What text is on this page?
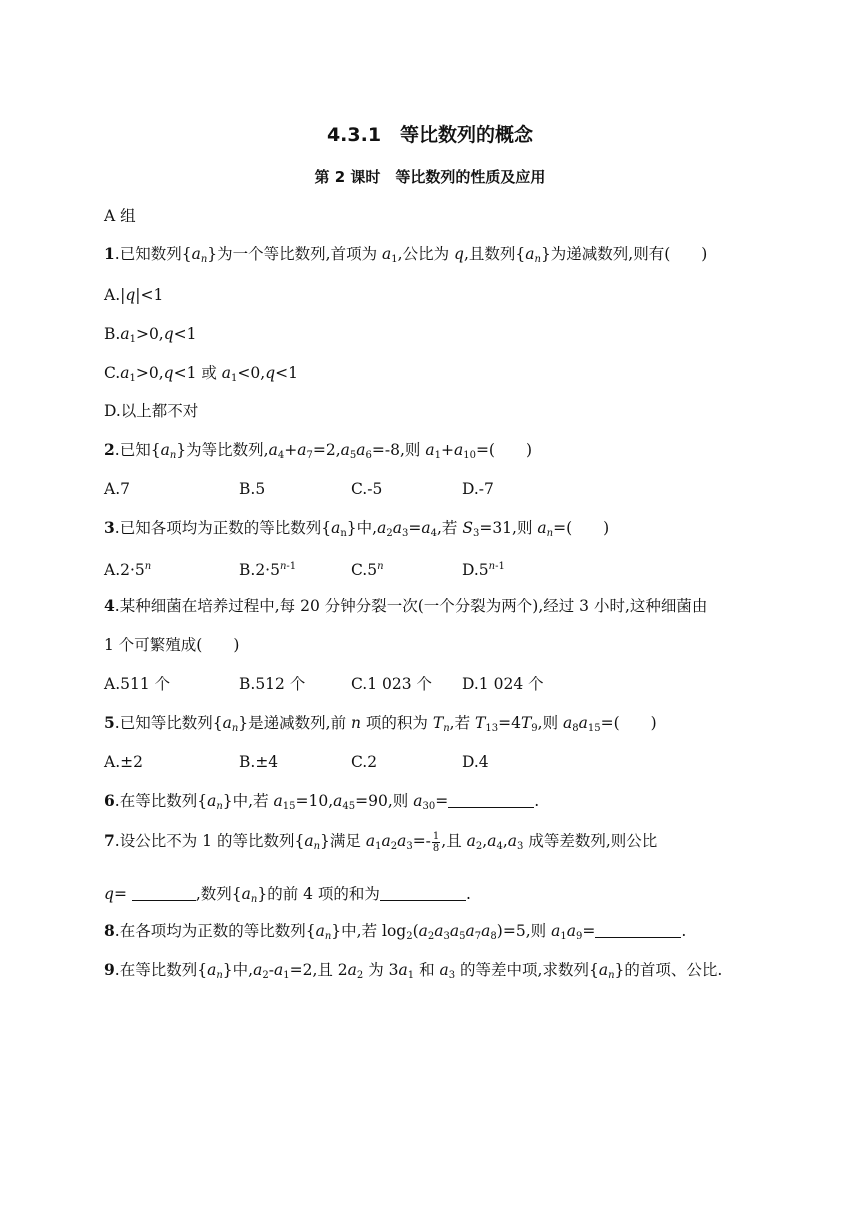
4.3.1　等比数列的概念
第 2 课时　等比数列的性质及应用
A 组
1.已知数列$\{a_n\}$为一个等比数列,首项为 $a_1$,公比为 q,且数列$\{a_n\}$为递减数列,则有(　　)
A.|q|<1
$B.a_1>0,q<1$
$C.a_1>0,q<1$ 或 $a_1<0,q<1$
D.以上都不对
2.已知$\{a_n\}$为等比数列$,a_4+a_7=2,a_5a_6=-8$,则 $a_1+a_{10}=$(　　)
A.7	B.5	C.-5	D.-7
3.已知各项均为正数的等比数列$\{a_n\}$中$,a_2a_3=a_4$,若 $S_3=31$,则 $a_n=$(　　)
$A.2\cdot 5^n$	$B.2\cdot 5^{n-1}$	C.5$^n$	D.5$^{n-1}$
4.某种细菌在培养过程中,每 20 分钟分裂一次(一个分裂为两个),经过 3 小时,这种细菌由
1 个可繁殖成(　　)
A.511 个	B.512 个	C.1 023 个 D.1 024 个
5.已知等比数列$\{a_n\}$是递减数列,前 n 项的积为 $T_n$,若 $T_{13}=4T_9$,则 $a_8a_{15}=$(　　)
A.±2	B.±4	C.2	D.4
6.在等比数列$\{a_n\}$中,若 $a_{15}=10,a_{45}=90$,则 $a_{30}=$	.
7.设公比不为 1 的等比数列$\{a_n\}$满足 $a_1a_2a_3=- \frac{1}{8}$ ,且 $a_2,a_4,a_3$ 成等差数列,则公比
q=	,数列$\{a_n\}$的前 4 项的和为	.
8.在各项均为正数的等比数列$\{a_n\}$中,若 $\log_2(a_2a_3a_5a_7a_8)=5$,则 $a_1a_9=$	.
9.在等比数列$\{a_n\}$中$,a_2-a_1=2$,且 $2a_2$ 为 $3a_1$ 和 $a_3$ 的等差中项,求数列$\{a_n\}$的首项、公比.
